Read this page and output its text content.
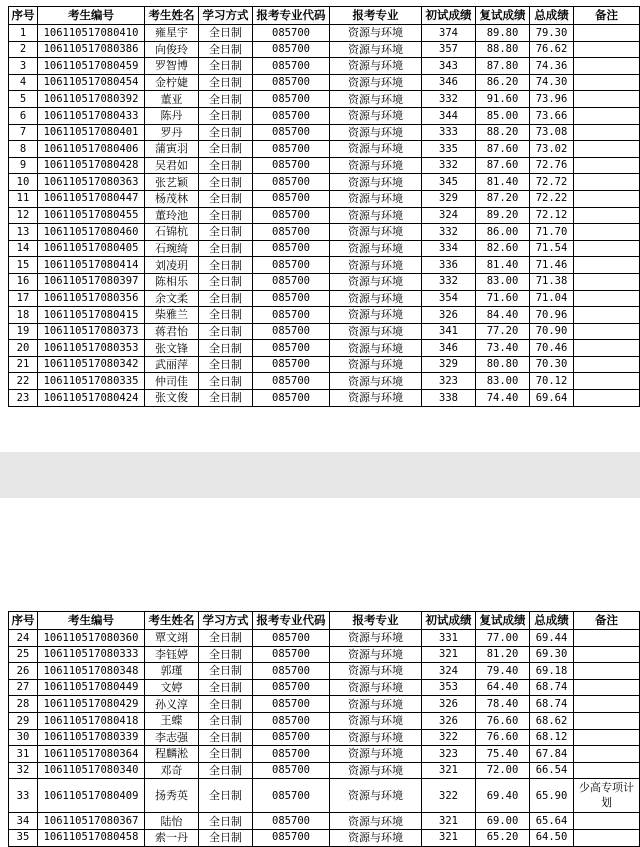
序号	考生编号	考生姓名	学习方式	报考专业代码	报考专业	初试成绩	复试成绩	总成绩	备注
1	106110517080410	雍星宇	全日制	085700	资源与环境	374	89.80	79.30	
2	106110517080386	向俊玲	全日制	085700	资源与环境	357	88.80	76.62	
3	106110517080459	罗智博	全日制	085700	资源与环境	343	87.80	74.36	
4	106110517080454	金柠婕	全日制	085700	资源与环境	346	86.20	74.30	
5	106110517080392	董亚	全日制	085700	资源与环境	332	91.60	73.96	
6	106110517080433	陈丹	全日制	085700	资源与环境	344	85.00	73.66	
7	106110517080401	罗丹	全日制	085700	资源与环境	333	88.20	73.08	
8	106110517080406	蒲寅羽	全日制	085700	资源与环境	335	87.60	73.02	
9	106110517080428	吴君如	全日制	085700	资源与环境	332	87.60	72.76	
10	106110517080363	张艺颖	全日制	085700	资源与环境	345	81.40	72.72	
11	106110517080447	杨茂林	全日制	085700	资源与环境	329	87.20	72.22	
12	106110517080455	董玲池	全日制	085700	资源与环境	324	89.20	72.12	
13	106110517080460	石锦杭	全日制	085700	资源与环境	332	86.00	71.70	
14	106110517080405	石琬绮	全日制	085700	资源与环境	334	82.60	71.54	
15	106110517080414	刘凌玥	全日制	085700	资源与环境	336	81.40	71.46	
16	106110517080397	陈相乐	全日制	085700	资源与环境	332	83.00	71.38	
17	106110517080356	余文柔	全日制	085700	资源与环境	354	71.60	71.04	
18	106110517080415	柴雅兰	全日制	085700	资源与环境	326	84.40	70.96	
19	106110517080373	蒋君怡	全日制	085700	资源与环境	341	77.20	70.90	
20	106110517080353	张文锋	全日制	085700	资源与环境	346	73.40	70.46	
21	106110517080342	武丽萍	全日制	085700	资源与环境	329	80.80	70.30	
22	106110517080335	仲司佳	全日制	085700	资源与环境	323	83.00	70.12	
23	106110517080424	张文俊	全日制	085700	资源与环境	338	74.40	69.64	
序号	考生编号	考生姓名	学习方式	报考专业代码	报考专业	初试成绩	复试成绩	总成绩	备注
24	106110517080360	覃文翊	全日制	085700	资源与环境	331	77.00	69.44	
25	106110517080333	李钰婷	全日制	085700	资源与环境	321	81.20	69.30	
26	106110517080348	郭瑾	全日制	085700	资源与环境	324	79.40	69.18	
27	106110517080449	文婷	全日制	085700	资源与环境	353	64.40	68.74	
28	106110517080429	孙义淳	全日制	085700	资源与环境	326	78.40	68.74	
29	106110517080418	王蝶	全日制	085700	资源与环境	326	76.60	68.62	
30	106110517080339	李志强	全日制	085700	资源与环境	322	76.60	68.12	
31	106110517080364	程麟淞	全日制	085700	资源与环境	323	75.40	67.84	
32	106110517080340	邓奇	全日制	085700	资源与环境	321	72.00	66.54	
33	106110517080409	扬秀英	全日制	085700	资源与环境	322	69.40	65.90	少高专项计划
34	106110517080367	陆怡	全日制	085700	资源与环境	321	69.00	65.64	
35	106110517080458	索一丹	全日制	085700	资源与环境	321	65.20	64.50	
